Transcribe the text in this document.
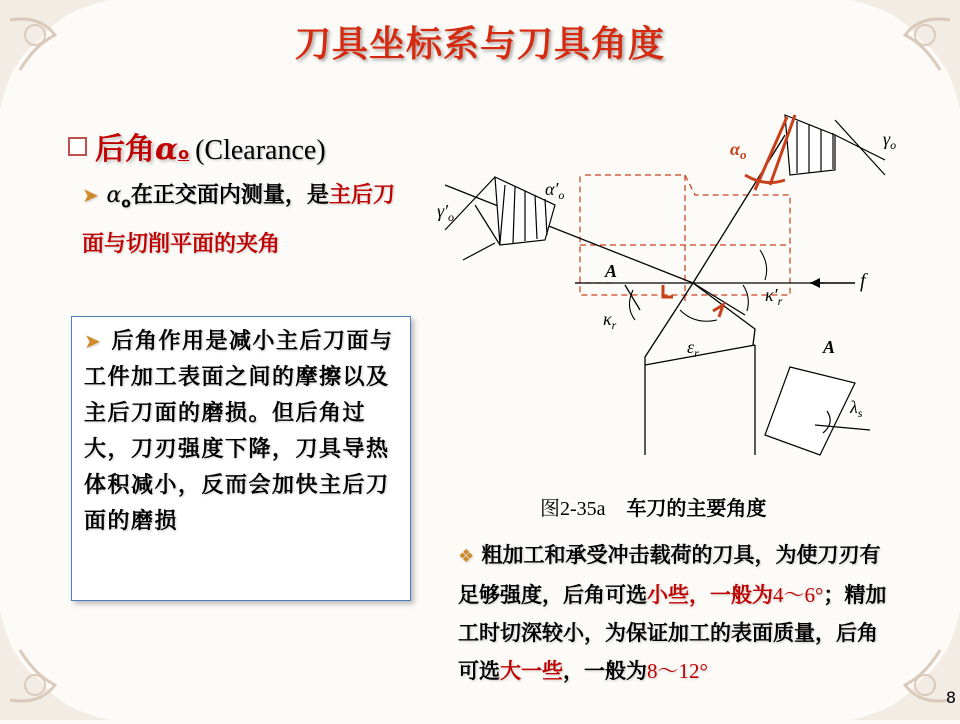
刀具坐标系与刀具角度
后角αo (Clearance)
➤ $\alpha_o$在正交面内测量，是主后刀面与切削平面的夹角
➤ 后角作用是减小主后刀面与工件加工表面之间的摩擦以及主后刀面的磨损。但后角过大，刀刃强度下降，刀具导热体积减小，反而会加快主后刀面的磨损
$\alpha_o$
$\gamma_o$
$\alpha'_o$
$\gamma'_o$
A
A
$\kappa_r$
$\kappa'_r$
$\varepsilon_r$
f
$\lambda_s$
图2-35a 车刀的主要角度
❖ 粗加工和承受冲击载荷的刀具，为使刀刃有足够强度，后角可选小些，一般为4～6°；精加工时切深较小，为保证加工的表面质量，后角可选大一些，一般为8～12°
8
